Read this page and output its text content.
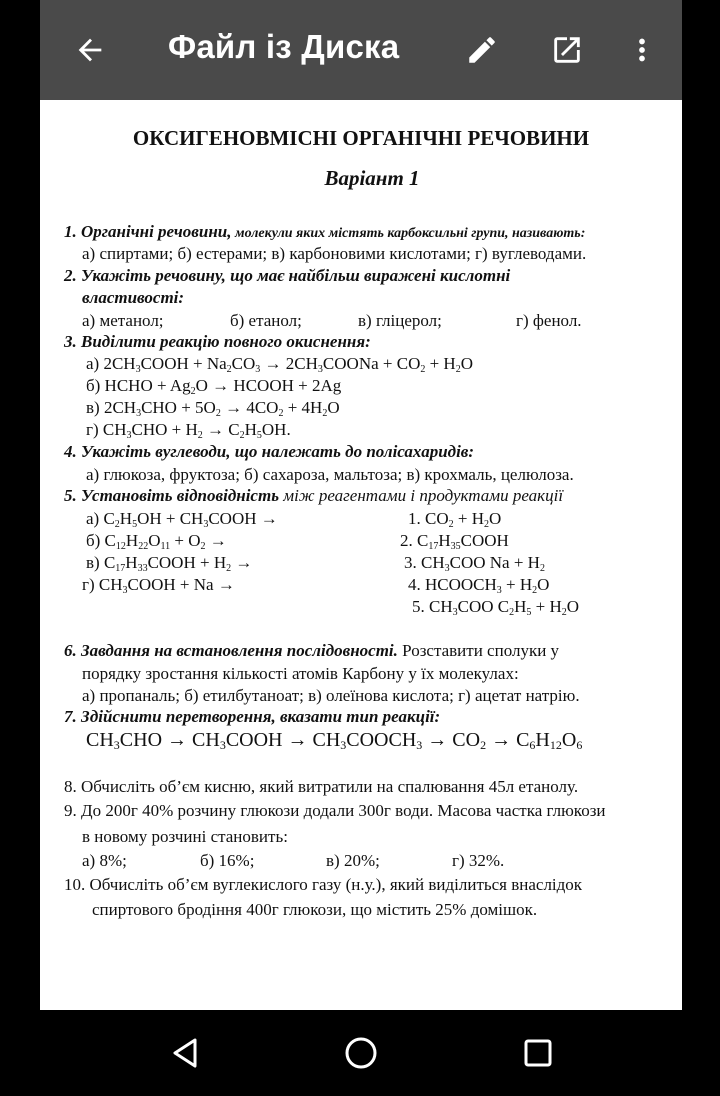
Файл із Диска
ОКСИГЕНОВМІСНІ ОРГАНІЧНІ РЕЧОВИНИ
Варіант 1
1. Органічні речовини, молекули яких містять карбоксильні групи, називають:
а) спиртами; б) естерами; в) карбоновими кислотами; г) вуглеводами.
2. Укажіть речовину, що має найбільш виражені кислотні
властивості:
а) метанол;	б) етанол;	в) гліцерол;	г) фенол.
3. Виділити реакцію повного окиснення:
а) $2CH_3COOH + Na_2CO_3$ → $2CH_3COONa + CO_2 + H_2O$
б) HCHO + $Ag_2O$ → HCOOH + 2Ag
в) $2CH_3CHO + 5O_2 \to 4CO_2 + 4H_2O$
г) $CH_3CHO + H_2 \to C_2H_5OH$.
4. Укажіть вуглеводи, що належать до полісахаридів:
а) глюкоза, фруктоза; б) сахароза, мальтоза; в) крохмаль, целюлоза.
5. Установіть відповідність між реагентами і продуктами реакції
а) $C_2H_5OH$ + $CH_3COOH$ →
б) $C_{12}H_{22}O_{11} + O_2$ →
в) $C_{17}H_{33}COOH + H_2$ →
г) $CH_3COOH + Na$ →
1. $CO_2 + H_2O$
2. $C_{17}H_{35}COOH$
3. $CH_3COO$ $Na + H_2$
4. $HCOOCH_3 + H_2O$
5. $CH_3COO$ $C_2H_5 + H_2O$
6. Завдання на встановлення послідовності. Розставити сполуки у
порядку зростання кількості атомів Карбону у їх молекулах:
а) пропаналь; б) етилбутаноат; в) олеїнова кислота; г) ацетат натрію.
7. Здійснити перетворення, вказати тип реакції:
$CH_3CHO$ → $CH_3COOH$ → $CH_3COOCH_3 \to CO_2 \to C_6H_{12}O_6$
8. Обчисліть об’єм кисню, який витратили на спалювання 45л етанолу.
9. До 200г 40% розчину глюкози додали 300г води. Масова частка глюкози
в новому розчині становить:
а) 8%;	б) 16%;	в) 20%;	г) 32%.
10. Обчисліть об’єм вуглекислого газу (н.у.), який виділиться внаслідок
спиртового бродіння 400г глюкози, що містить 25% домішок.
